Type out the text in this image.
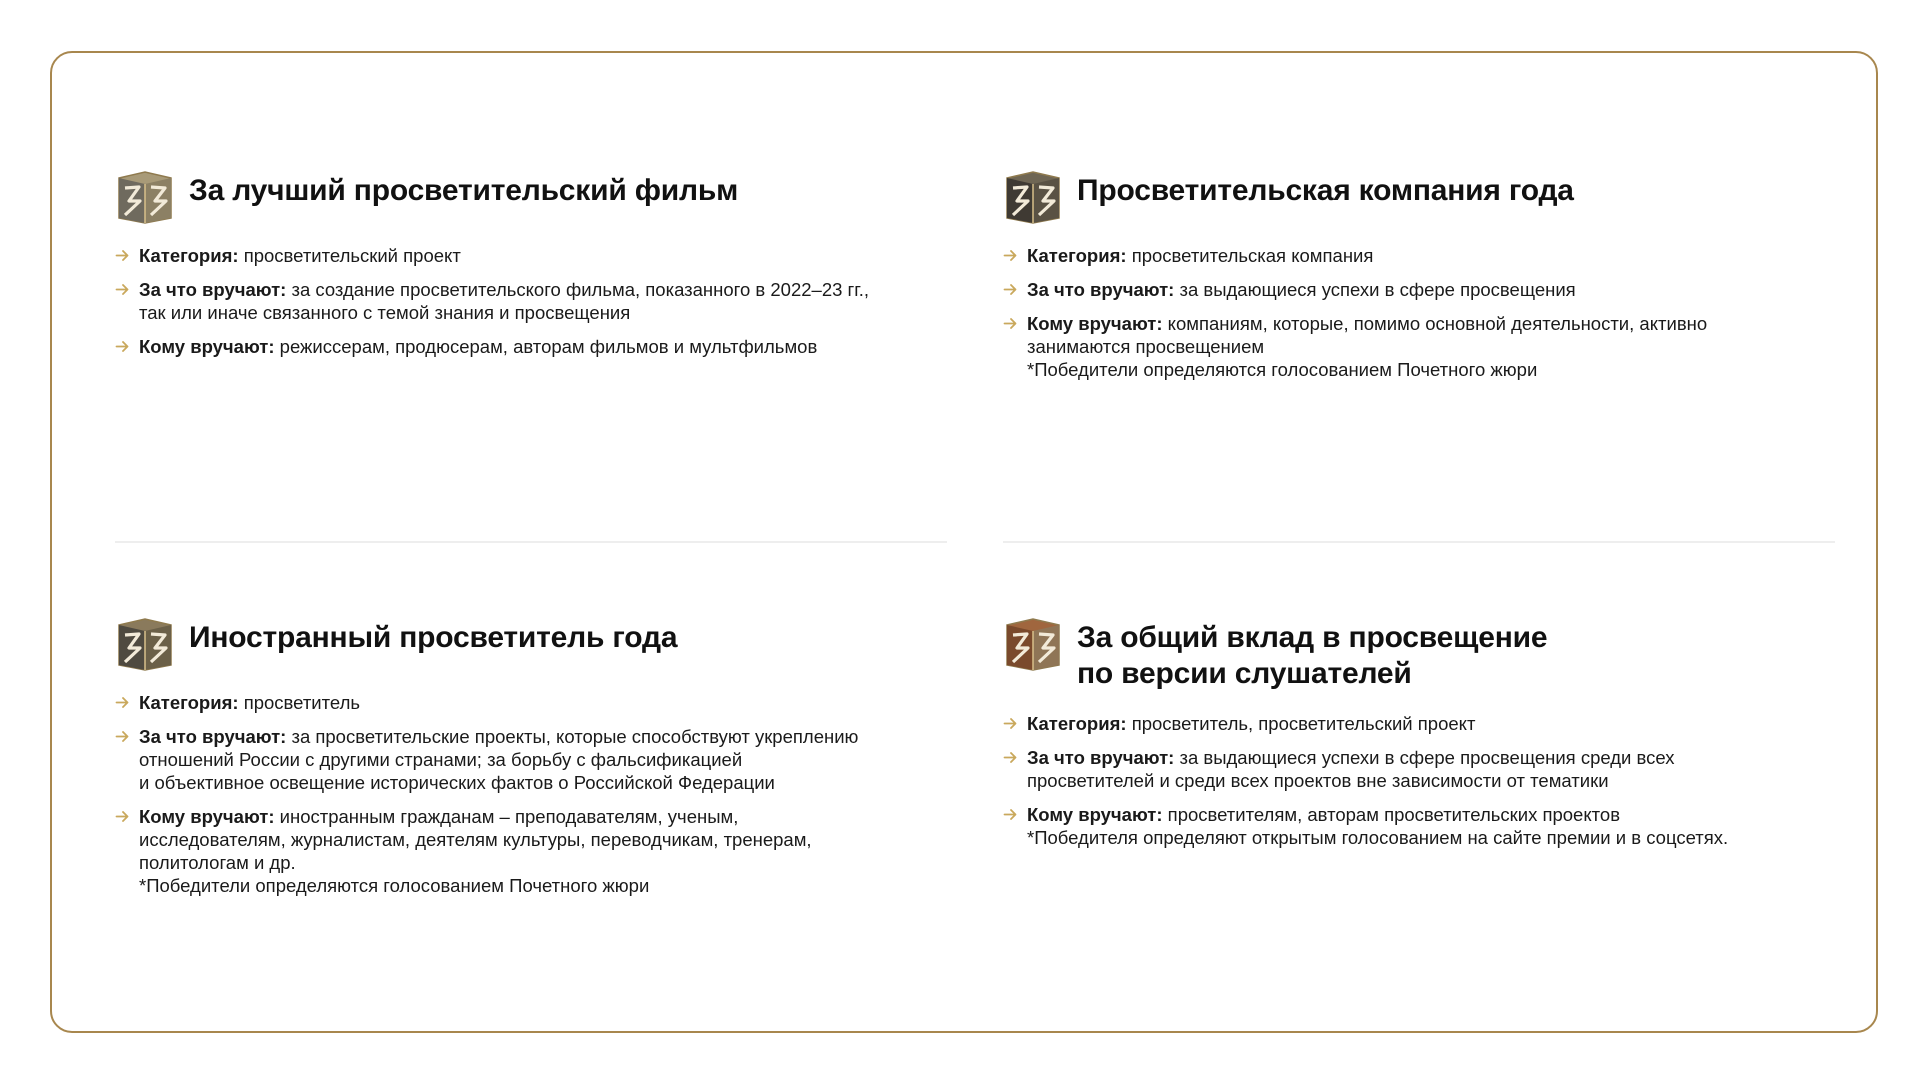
За лучший просветительский фильм
Категория: просветительский проект
За что вручают: за создание просветительского фильма, показанного в 2022–23 гг.,
так или иначе связанного с темой знания и просвещения
Кому вручают: режиссерам, продюсерам, авторам фильмов и мультфильмов
Просветительская компания года
Категория: просветительская компания
За что вручают: за выдающиеся успехи в сфере просвещения
Кому вручают: компаниям, которые, помимо основной деятельности, активно
занимаются просвещением
*Победители определяются голосованием Почетного жюри
Иностранный просветитель года
Категория: просветитель
За что вручают: за просветительские проекты, которые способствуют укреплению
отношений России с другими странами; за борьбу с фальсификацией
и объективное освещение исторических фактов о Российской Федерации
Кому вручают: иностранным гражданам – преподавателям, ученым,
исследователям, журналистам, деятелям культуры, переводчикам, тренерам,
политологам и др.
*Победители определяются голосованием Почетного жюри
За общий вклад в просвещение
по версии слушателей
Категория: просветитель, просветительский проект
За что вручают: за выдающиеся успехи в сфере просвещения среди всех
просветителей и среди всех проектов вне зависимости от тематики
Кому вручают: просветителям, авторам просветительских проектов
*Победителя определяют открытым голосованием на сайте премии и в соцсетях.
